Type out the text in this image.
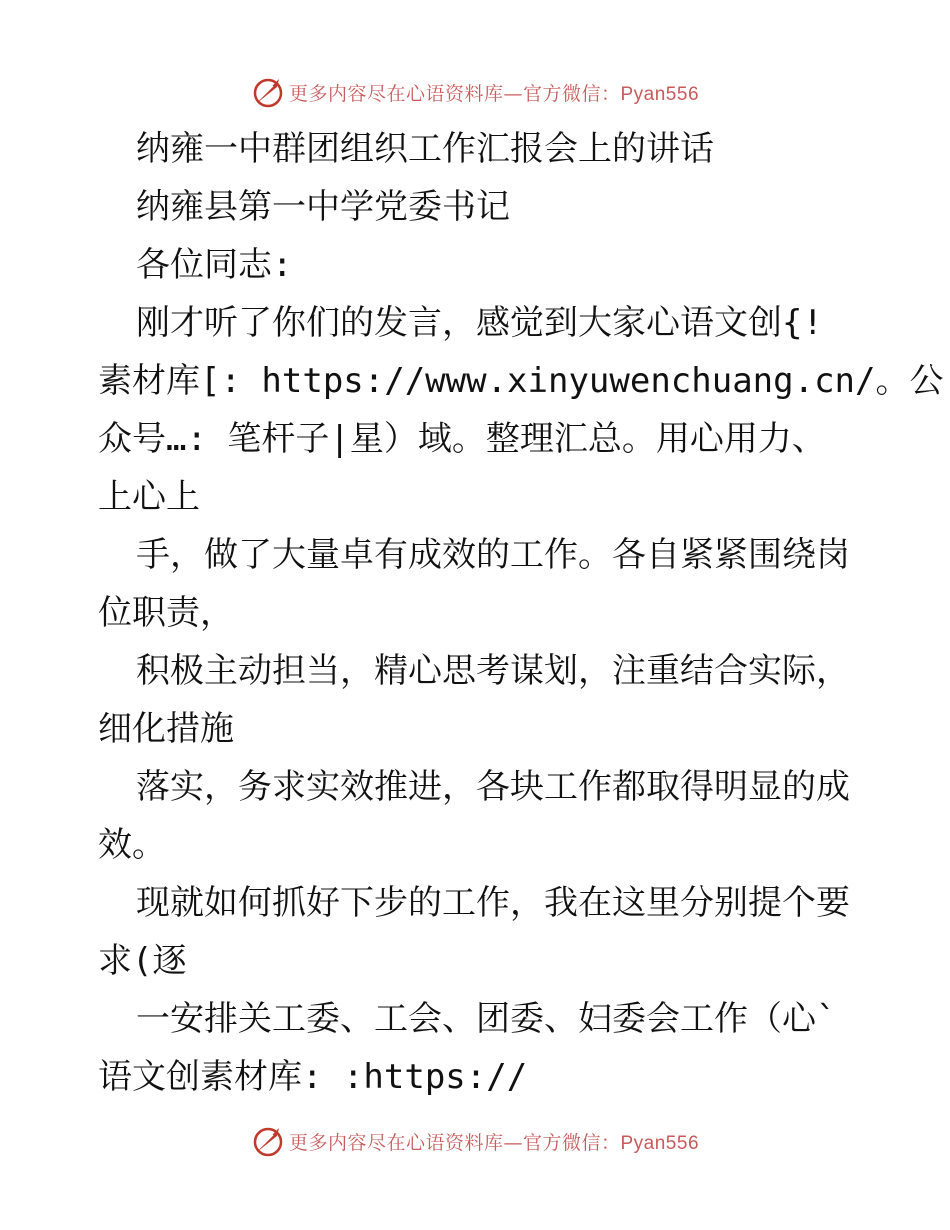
更多内容尽在心语资料库—官方微信：Pyan556
纳雍一中群团组织工作汇报会上的讲话
纳雍县第一中学党委书记
各位同志:
刚才听了你们的发言，感觉到大家心语文创{!
素材库[: https://www.xinyuwenchuang.cn/。公
众号…: 笔杆子|星）域。整理汇总。用心用力、
上心上
手，做了大量卓有成效的工作。各自紧紧围绕岗
位职责，
积极主动担当，精心思考谋划，注重结合实际，
细化措施
落实，务求实效推进，各块工作都取得明显的成
效。
现就如何抓好下步的工作，我在这里分别提个要
求(逐
一安排关工委、工会、团委、妇委会工作（心`
语文创素材库: :https://
更多内容尽在心语资料库—官方微信：Pyan556
